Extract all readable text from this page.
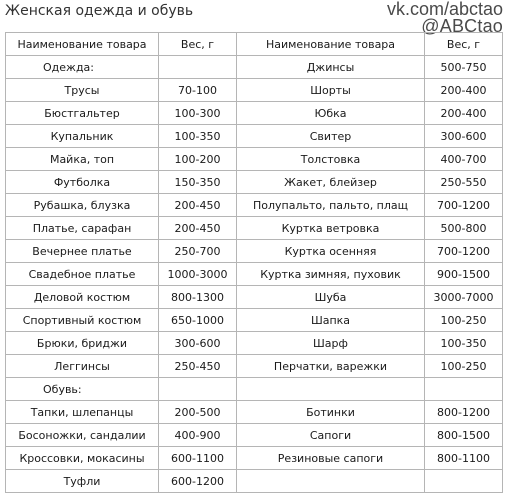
Женская одежда и обувь	vk.com/abctao
@ABCtao
Наименование товара	Вес, г	Наименование товара	Вес, г
Одежда:		Джинсы	500-750
Трусы	70-100	Шорты	200-400
Бюстгальтер	100-300	Юбка	200-400
Купальник	100-350	Свитер	300-600
Майка, топ	100-200	Толстовка	400-700
Футболка	150-350	Жакет, блейзер	250-550
Рубашка, блузка	200-450	Полупальто, пальто, плащ	700-1200
Платье, сарафан	200-450	Куртка ветровка	500-800
Вечернее платье	250-700	Куртка осенняя	700-1200
Свадебное платье	1000-3000	Куртка зимняя, пуховик	900-1500
Деловой костюм	800-1300	Шуба	3000-7000
Спортивный костюм	650-1000	Шапка	100-250
Брюки, бриджи	300-600	Шарф	100-350
Леггинсы	250-450	Перчатки, варежки	100-250
Обувь:			
Тапки, шлепанцы	200-500	Ботинки	800-1200
Босоножки, сандалии	400-900	Сапоги	800-1500
Кроссовки, мокасины	600-1100	Резиновые сапоги	800-1100
Туфли	600-1200		
